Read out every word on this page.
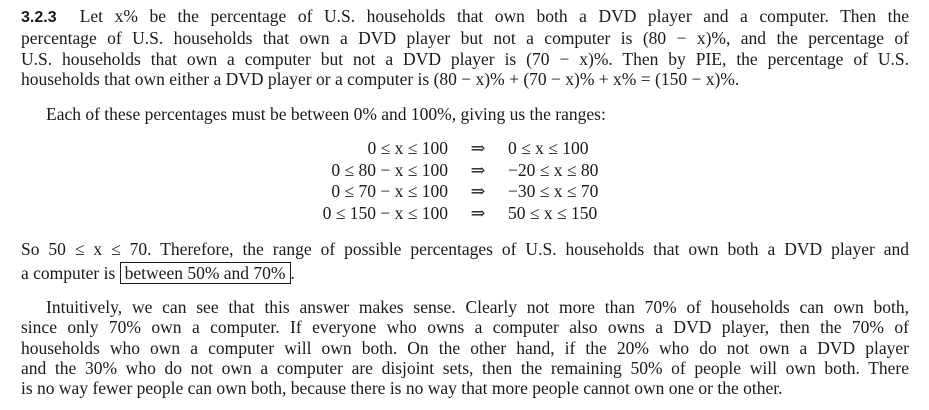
3.2.3 Let x% be the percentage of U.S. households that own both a DVD player and a computer. Then the
percentage of U.S. households that own a DVD player but not a computer is (80 − x)%, and the percentage of
U.S. households that own a computer but not a DVD player is (70 − x)%. Then by PIE, the percentage of U.S.
households that own either a DVD player or a computer is (80 − x)% + (70 − x)% + x% = (150 − x)%.
Each of these percentages must be between 0% and 100%, giving us the ranges:
0 ≤ x ≤ 100
0 ≤ 80 − x ≤ 100
0 ≤ 70 − x ≤ 100
0 ≤ 150 − x ≤ 100
⇒
⇒
⇒
⇒
0 ≤ x ≤ 100
−20 ≤ x ≤ 80
−30 ≤ x ≤ 70
50 ≤ x ≤ 150
So 50 ≤ x ≤ 70. Therefore, the range of possible percentages of U.S. households that own both a DVD player and
a computer is between 50% and 70% .
Intuitively, we can see that this answer makes sense. Clearly not more than 70% of households can own both,
since only 70% own a computer. If everyone who owns a computer also owns a DVD player, then the 70% of
households who own a computer will own both. On the other hand, if the 20% who do not own a DVD player
and the 30% who do not own a computer are disjoint sets, then the remaining 50% of people will own both. There
is no way fewer people can own both, because there is no way that more people cannot own one or the other.
